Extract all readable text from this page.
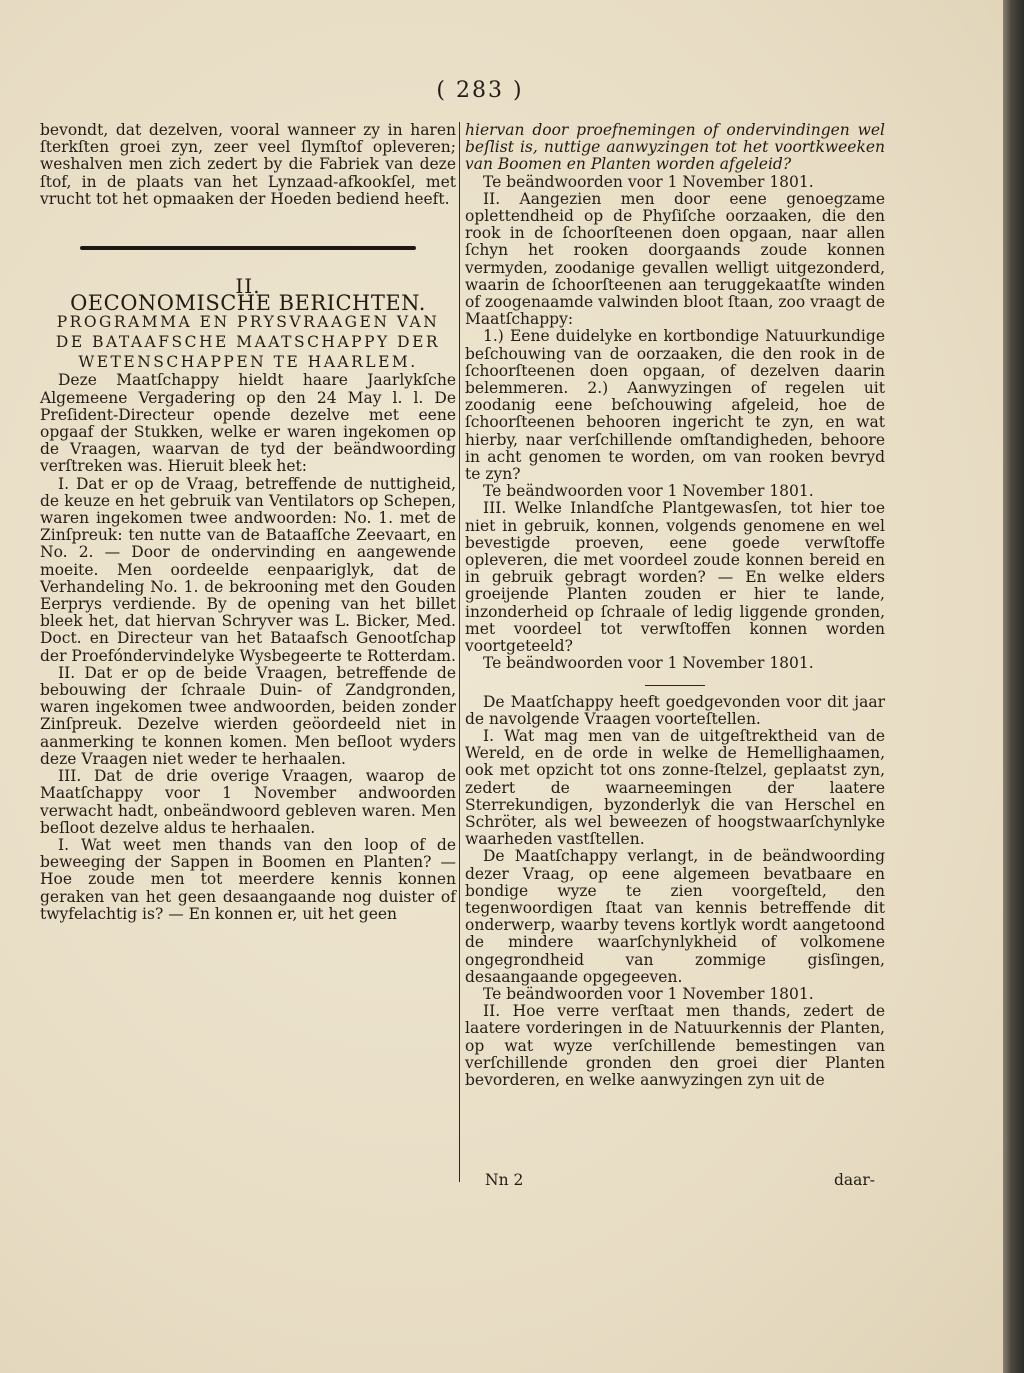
( 283 )

bevondt, dat dezelven, vooral wanneer zy in haren ſterkſten groei zyn, zeer veel ſlymſtof opleveren; weshalven men zich zedert by die Fabriek van deze ſtof, in de plaats van het Lynzaad-afkookſel, met vrucht tot het opmaaken der Hoeden bediend heeft.

II.

OECONOMISCHE BERICHTEN.

PROGRAMMA EN PRYSVRAAGEN VAN DE BATAAFSCHE MAATSCHAPPY DER WETENSCHAPPEN TE HAARLEM.

Deze Maatſchappy hieldt haare Jaarlykſche Algemeene Vergadering op den 24 May l. l. De Preſident-Directeur opende dezelve met eene opgaaf der Stukken, welke er waren ingekomen op de Vraagen, waarvan de tyd der beändwoording verſtreken was. Hieruit bleek het:

I. Dat er op de Vraag, betreffende de nuttigheid, de keuze en het gebruik van Ventilators op Schepen, waren ingekomen twee andwoorden: No. 1. met de Zinſpreuk: ten nutte van de Bataafſche Zeevaart, en No. 2. — Door de ondervinding en aangewende moeite. Men oordeelde eenpaariglyk, dat de Verhandeling No. 1. de bekrooning met den Gouden Eerprys verdiende. By de opening van het billet bleek het, dat hiervan Schryver was L. Bicker, Med. Doct. en Directeur van het Bataafsch Genootſchap der Proefóndervindelyke Wysbegeerte te Rotterdam.

II. Dat er op de beide Vraagen, betreffende de bebouwing der ſchraale Duin- of Zandgronden, waren ingekomen twee andwoorden, beiden zonder Zinſpreuk. Dezelve wierden geöordeeld niet in aanmerking te konnen komen. Men beſloot wyders deze Vraagen niet weder te herhaalen.

III. Dat de drie overige Vraagen, waarop de Maatſchappy voor 1 November andwoorden verwacht hadt, onbeändwoord gebleven waren. Men beſloot dezelve aldus te herhaalen.

I. Wat weet men thands van den loop of de beweeging der Sappen in Boomen en Planten? — Hoe zoude men tot meerdere kennis konnen geraken van het geen desaangaande nog duister of twyfelachtig is? — En konnen er, uit het geen

hiervan door proefnemingen of ondervindingen wel beſlist is, nuttige aanwyzingen tot het voortkweeken van Boomen en Planten worden afgeleid?

Te beändwoorden voor 1 November 1801.

II. Aangezien men door eene genoegzame oplettendheid op de Phyſiſche oorzaaken, die den rook in de ſchoorſteenen doen opgaan, naar allen ſchyn het rooken doorgaands zoude konnen vermyden, zoodanige gevallen welligt uitgezonderd, waarin de ſchoorſteenen aan teruggekaatſte winden of zoogenaamde valwinden bloot ſtaan, zoo vraagt de Maatſchappy:

1.) Eene duidelyke en kortbondige Natuurkundige beſchouwing van de oorzaaken, die den rook in de ſchoorſteenen doen opgaan, of dezelven daarin belemmeren. 2.) Aanwyzingen of regelen uit zoodanig eene beſchouwing afgeleid, hoe de ſchoorſteenen behooren ingericht te zyn, en wat hierby, naar verſchillende omſtandigheden, behoore in acht genomen te worden, om van rooken bevryd te zyn?

Te beändwoorden voor 1 November 1801.

III. Welke Inlandſche Plantgewasſen, tot hier toe niet in gebruik, konnen, volgends genomene en wel bevestigde proeven, eene goede verwſtoffe opleveren, die met voordeel zoude konnen bereid en in gebruik gebragt worden? — En welke elders groeijende Planten zouden er hier te lande, inzonderheid op ſchraale of ledig liggende gronden, met voordeel tot verwſtoffen konnen worden voortgeteeld?

Te beändwoorden voor 1 November 1801.

De Maatſchappy heeft goedgevonden voor dit jaar de navolgende Vraagen voorteſtellen.

I. Wat mag men van de uitgeſtrektheid van de Wereld, en de orde in welke de Hemellighaamen, ook met opzicht tot ons zonne-ſtelzel, geplaatst zyn, zedert de waarneemingen der laatere Sterrekundigen, byzonderlyk die van Herschel en Schröter, als wel beweezen of hoogstwaarſchynlyke waarheden vastſtellen.

De Maatſchappy verlangt, in de beändwoording dezer Vraag, op eene algemeen bevatbaare en bondige wyze te zien voorgeſteld, den tegenwoordigen ſtaat van kennis betreffende dit onderwerp, waarby tevens kortlyk wordt aangetoond de mindere waarſchynlykheid of volkomene ongegrondheid van zommige gisſingen, desaangaande opgegeeven.

Te beändwoorden voor 1 November 1801.

II. Hoe verre verſtaat men thands, zedert de laatere vorderingen in de Natuurkennis der Planten, op wat wyze verſchillende bemestingen van verſchillende gronden den groei dier Planten bevorderen, en welke aanwyzingen zyn uit de

Nn 2	daar-
